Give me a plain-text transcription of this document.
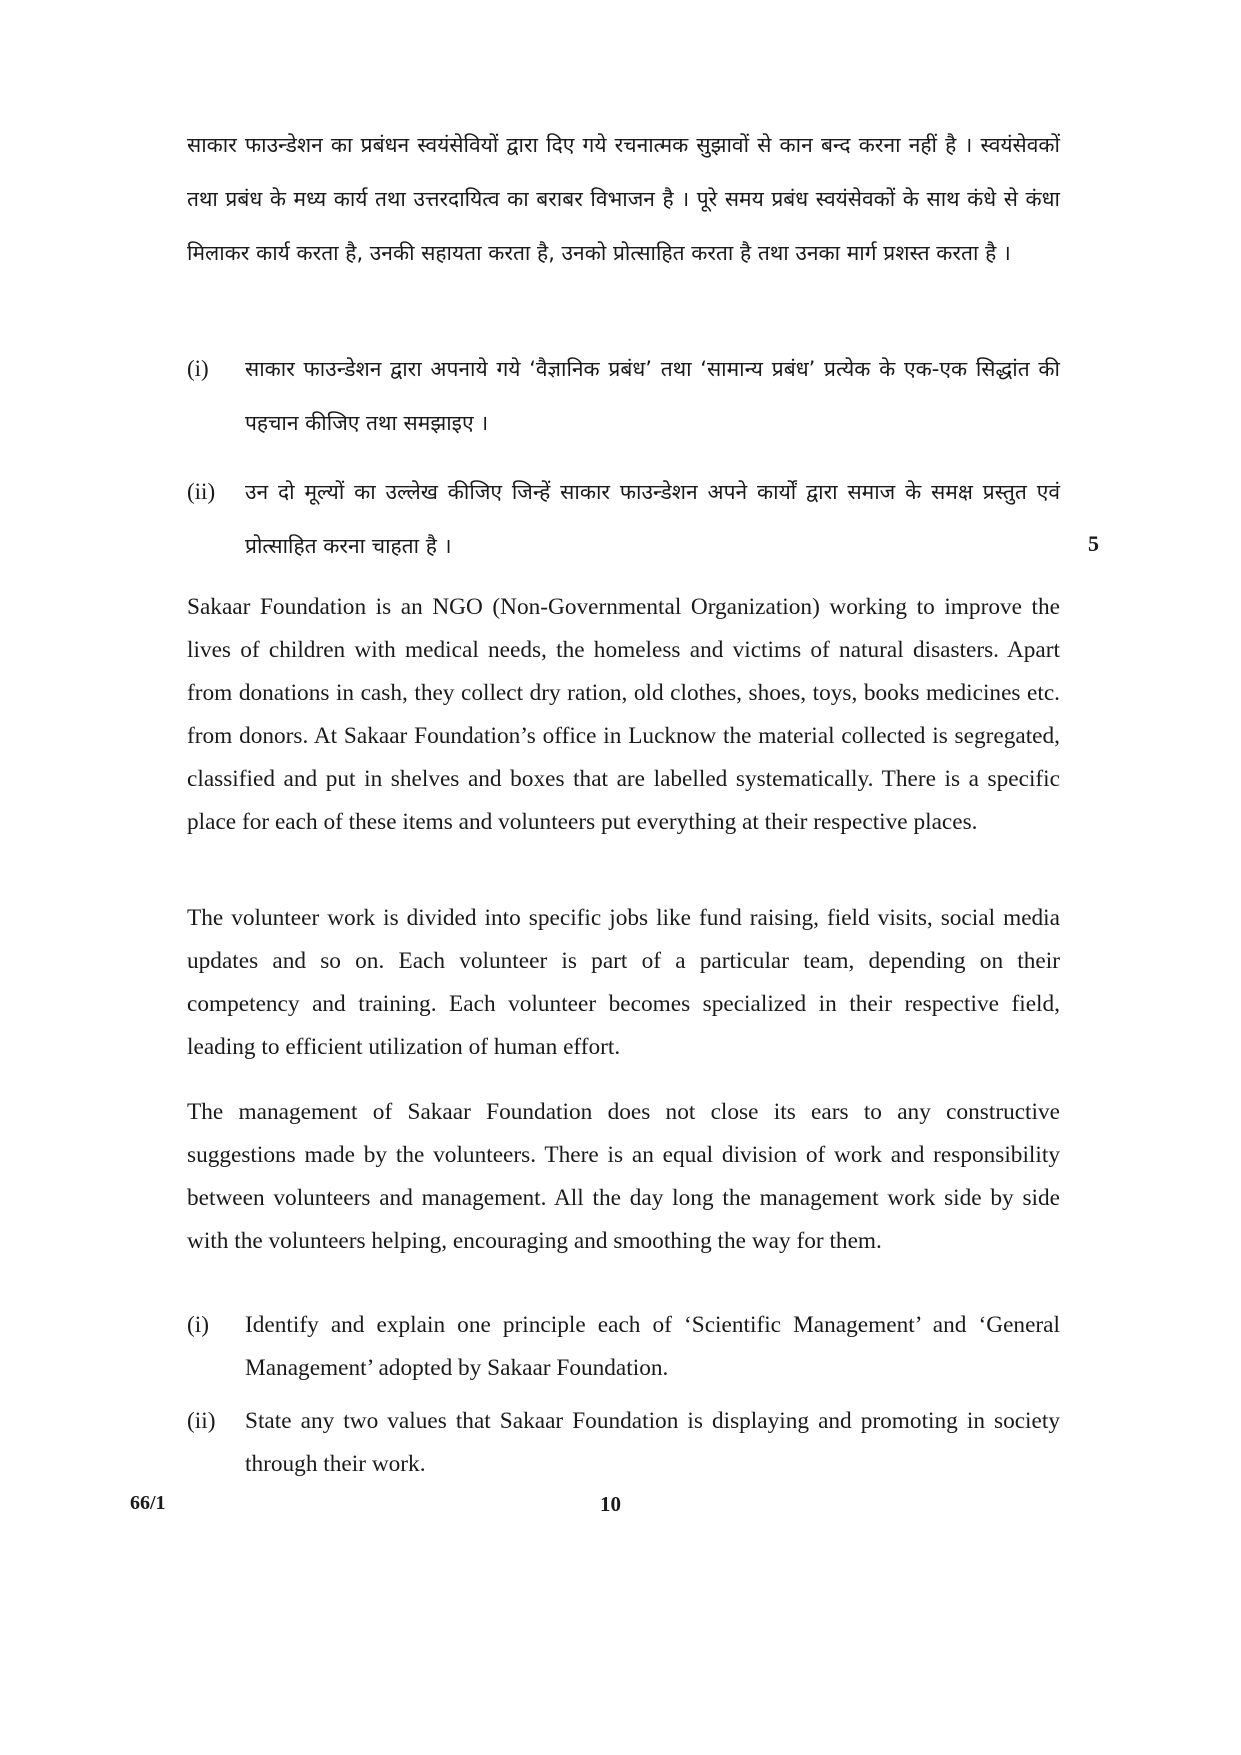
साकार फाउन्डेशन का प्रबंधन स्वयंसेवियों द्वारा दिए गये रचनात्मक सुझावों से कान बन्द करना नहीं है । स्वयंसेवकों तथा प्रबंध के मध्य कार्य तथा उत्तरदायित्व का बराबर विभाजन है । पूरे समय प्रबंध स्वयंसेवकों के साथ कंधे से कंधा मिलाकर कार्य करता है, उनकी सहायता करता है, उनको प्रोत्साहित करता है तथा उनका मार्ग प्रशस्त करता है ।

(i)	साकार फाउन्डेशन द्वारा अपनाये गये ‘वैज्ञानिक प्रबंध’ तथा ‘सामान्य प्रबंध’ प्रत्येक के एक-एक सिद्धांत की पहचान कीजिए तथा समझाइए ।
(ii)	उन दो मूल्यों का उल्लेख कीजिए जिन्हें साकार फाउन्डेशन अपने कार्यों द्वारा समाज के समक्ष प्रस्तुत एवं प्रोत्साहित करना चाहता है ।	5

Sakaar Foundation is an NGO (Non-Governmental Organization) working to improve the lives of children with medical needs, the homeless and victims of natural disasters. Apart from donations in cash, they collect dry ration, old clothes, shoes, toys, books medicines etc. from donors. At Sakaar Foundation’s office in Lucknow the material collected is segregated, classified and put in shelves and boxes that are labelled systematically. There is a specific place for each of these items and volunteers put everything at their respective places.

The volunteer work is divided into specific jobs like fund raising, field visits, social media updates and so on. Each volunteer is part of a particular team, depending on their competency and training. Each volunteer becomes specialized in their respective field, leading to efficient utilization of human effort.

The management of Sakaar Foundation does not close its ears to any constructive suggestions made by the volunteers. There is an equal division of work and responsibility between volunteers and management. All the day long the management work side by side with the volunteers helping, encouraging and smoothing the way for them.

(i)	Identify and explain one principle each of ‘Scientific Management’ and ‘General Management’ adopted by Sakaar Foundation.
(ii)	State any two values that Sakaar Foundation is displaying and promoting in society through their work.
66/1	10
